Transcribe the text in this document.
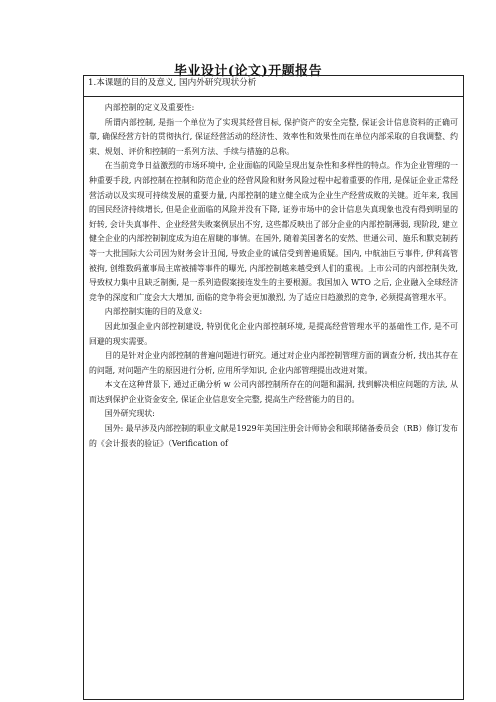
毕业设计(论文)开题报告
1.本课题的目的及意义, 国内外研究现状分析

内部控制的定义及重要性:

所谓内部控制, 是指一个单位为了实现其经营目标, 保护资产的安全完整, 保证会计信息资料的正确可靠, 确保经营方针的贯彻执行, 保证经营活动的经济性、效率性和效果性而在单位内部采取的自我调整、约束、规划、评价和控制的一系列方法、手续与措施的总称。

在当前竞争日益激烈的市场环境中, 企业面临的风险呈现出复杂性和多样性的特点。作为企业管理的一种重要手段, 内部控制在控制和防范企业的经营风险和财务风险过程中起着重要的作用, 是保证企业正常经营活动以及实现可持续发展的重要力量, 内部控制的建立健全成为企业生产经营成败的关键。近年来, 我国的国民经济持续增长, 但是企业面临的风险并没有下降, 证券市场中的会计信息失真现象也没有得到明显的好转, 会计失真事件、企业经营失败案例层出不穷, 这些都反映出了部分企业的内部控制薄弱, 现阶段, 建立健全企业的内部控制制度成为迫在眉睫的事情。在国外, 随着美国著名的安然、世通公司、施乐和默克制药等一大批国际大公司因为财务会计丑闻, 导致企业的诚信受到普遍质疑。国内, 中航油巨亏事件, 伊利高管被拘, 创维数码董事局主席被捕等事件的曝光, 内部控制越来越受到人们的重视。上市公司的内部控制失效, 导致权力集中且缺乏制衡, 是一系列造假案接连发生的主要根源。我国加入 WTO 之后, 企业融入全球经济竞争的深度和广度会大大增加, 面临的竞争将会更加激烈, 为了适应日趋激烈的竞争, 必须提高管理水平。

内部控制实施的目的及意义:

因此加强企业内部控制建设, 特别优化企业内部控制环境, 是提高经营管理水平的基础性工作, 是不可回避的现实需要。

目的是针对企业内部控制的普遍问题进行研究。通过对企业内部控制管理方面的调查分析, 找出其存在的问题, 对问题产生的原因进行分析, 应用所学知识, 企业内部管理提出改进对策。

本文在这种背景下, 通过正确分析 w 公司内部控制所存在的问题和漏洞, 找到解决相应问题的方法, 从而达到保护企业资金安全, 保证企业信息安全完整, 提高生产经营能力的目的。

国外研究现状:

国外: 最早涉及内部控制的职业文献是1929年美国注册会计师协会和联邦储备委员会（RB）修订发布的《会计报表的验证》（Verification of
